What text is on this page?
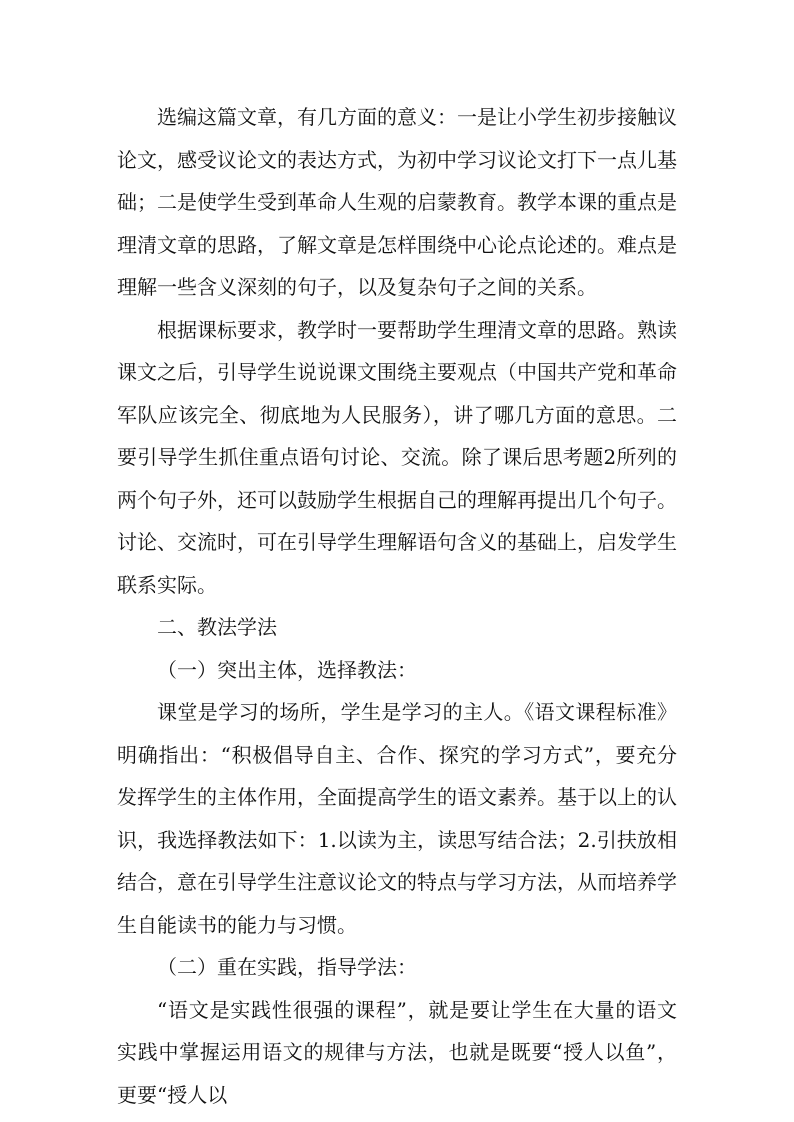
选编这篇文章，有几方面的意义：一是让小学生初步接触议论文，感受议论文的表达方式，为初中学习议论文打下一点儿基础；二是使学生受到革命人生观的启蒙教育。教学本课的重点是理清文章的思路，了解文章是怎样围绕中心论点论述的。难点是理解一些含义深刻的句子，以及复杂句子之间的关系。

根据课标要求，教学时一要帮助学生理清文章的思路。熟读课文之后，引导学生说说课文围绕主要观点（中国共产党和革命军队应该完全、彻底地为人民服务），讲了哪几方面的意思。二要引导学生抓住重点语句讨论、交流。除了课后思考题2所列的两个句子外，还可以鼓励学生根据自己的理解再提出几个句子。讨论、交流时，可在引导学生理解语句含义的基础上，启发学生联系实际。

二、教法学法

（一）突出主体，选择教法：

课堂是学习的场所，学生是学习的主人。《语文课程标准》明确指出：“积极倡导自主、合作、探究的学习方式”，要充分发挥学生的主体作用，全面提高学生的语文素养。基于以上的认识，我选择教法如下：1.以读为主，读思写结合法；2.引扶放相结合，意在引导学生注意议论文的特点与学习方法，从而培养学生自能读书的能力与习惯。

（二）重在实践，指导学法：

“语文是实践性很强的课程”，就是要让学生在大量的语文实践中掌握运用语文的规律与方法，也就是既要“授人以鱼”，更要“授人以
